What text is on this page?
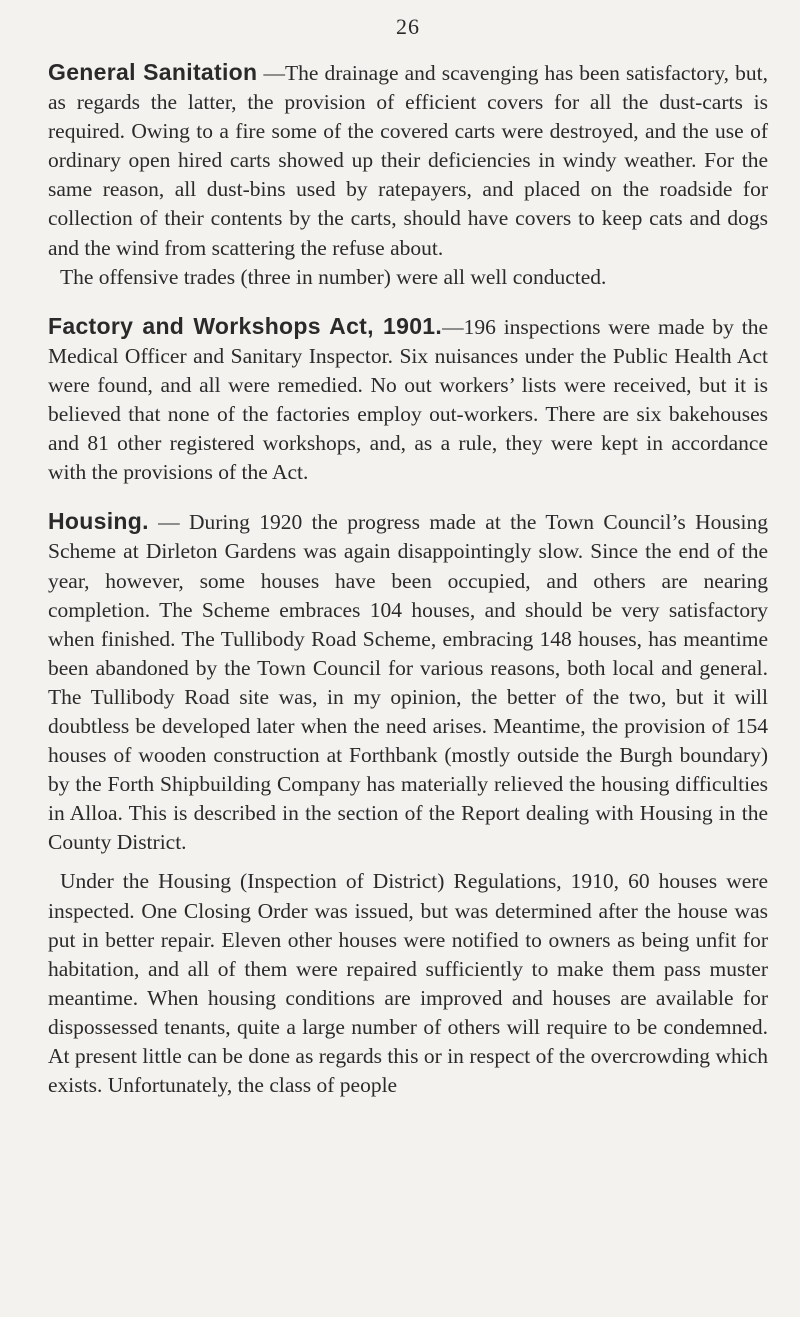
26

General Sanitation —The drainage and scavenging has been satisfactory, but, as regards the latter, the provision of efficient covers for all the dust-carts is required. Owing to a fire some of the covered carts were destroyed, and the use of ordinary open hired carts showed up their deficiencies in windy weather. For the same reason, all dust-bins used by ratepayers, and placed on the roadside for collection of their contents by the carts, should have covers to keep cats and dogs and the wind from scattering the refuse about.

The offensive trades (three in number) were all well conducted.

Factory and Workshops Act, 1901.—196 inspections were made by the Medical Officer and Sanitary Inspector. Six nuisances under the Public Health Act were found, and all were remedied. No out workers’ lists were received, but it is believed that none of the factories employ out-workers. There are six bakehouses and 81 other registered workshops, and, as a rule, they were kept in accordance with the provisions of the Act.

Housing. — During 1920 the progress made at the Town Council’s Housing Scheme at Dirleton Gardens was again disappointingly slow. Since the end of the year, however, some houses have been occupied, and others are nearing completion. The Scheme embraces 104 houses, and should be very satisfactory when finished. The Tullibody Road Scheme, embracing 148 houses, has meantime been abandoned by the Town Council for various reasons, both local and general. The Tullibody Road site was, in my opinion, the better of the two, but it will doubtless be developed later when the need arises. Meantime, the provision of 154 houses of wooden construction at Forthbank (mostly outside the Burgh boundary) by the Forth Shipbuilding Company has materially relieved the housing difficulties in Alloa. This is described in the section of the Report dealing with Housing in the County District.

Under the Housing (Inspection of District) Regulations, 1910, 60 houses were inspected. One Closing Order was issued, but was determined after the house was put in better repair. Eleven other houses were notified to owners as being unfit for habitation, and all of them were repaired sufficiently to make them pass muster meantime. When housing conditions are improved and houses are available for dispossessed tenants, quite a large number of others will require to be condemned. At present little can be done as regards this or in respect of the overcrowding which exists. Unfortunately, the class of people
